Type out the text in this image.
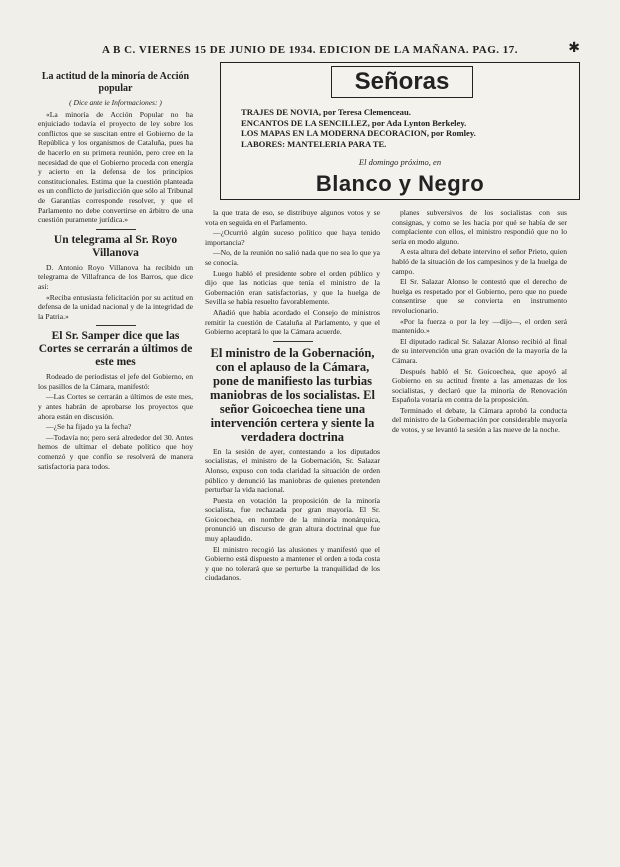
A B C. VIERNES 15 DE JUNIO DE 1934. EDICION DE LA MAÑANA. PAG. 17.	✱
Señoras
TRAJES DE NOVIA, por Teresa Clemenceau.
ENCANTOS DE LA SENCILLEZ, por Ada Lynton Berkeley.
LOS MAPAS EN LA MODERNA DECORACION, por Romley.
LABORES: MANTELERIA PARA TE.
El domingo próximo, en
Blanco y Negro
La actitud de la minoría de Acción popular
( Dice ante ie Informaciones: )

«La minoría de Acción Popular no ha enjuiciado todavía el proyecto de ley sobre los conflictos que se suscitan entre el Gobierno de la República y los organismos de Cataluña, pues ha de hacerlo en su primera reunión, pero cree en la necesidad de que el Gobierno proceda con energía y acierto en la defensa de los principios constitucionales. Estima que la cuestión planteada es un conflicto de jurisdicción que sólo al Tribunal de Garantías corresponde resolver, y que el Parlamento no debe convertirse en árbitro de una cuestión puramente jurídica.»

Un telegrama al Sr. Royo Villanova

D. Antonio Royo Villanova ha recibido un telegrama de Villafranca de los Barros, que dice así:

«Reciba entusiasta felicitación por su actitud en defensa de la unidad nacional y de la integridad de la Patria.»

El Sr. Samper dice que las Cortes se cerrarán a últimos de este mes

Rodeado de periodistas el jefe del Gobierno, en los pasillos de la Cámara, manifestó:

—Las Cortes se cerrarán a últimos de este mes, y antes habrán de aprobarse los proyectos que ahora están en discusión.

—¿Se ha fijado ya la fecha?

—Todavía no; pero será alrededor del 30. Antes hemos de ultimar el debate político que hoy comenzó y que confío se resolverá de manera satisfactoria para todos.

la que trata de eso, se distribuye algunos votos y se vota en seguida en el Parlamento.

—¿Ocurrió algún suceso político que haya tenido importancia?

—No, de la reunión no salió nada que no sea lo que ya se conocía.

Luego habló el presidente sobre el orden público y dijo que las noticias que tenía el ministro de la Gobernación eran satisfactorias, y que la huelga de Sevilla se había resuelto favorablemente.

Añadió que había acordado el Consejo de ministros remitir la cuestión de Cataluña al Parlamento, y que el Gobierno aceptará lo que la Cámara acuerde.

El ministro de la Gobernación, con el aplauso de la Cámara, pone de manifiesto las turbias maniobras de los socialistas. El señor Goicoechea tiene una intervención certera y siente la verdadera doctrina

En la sesión de ayer, contestando a los diputados socialistas, el ministro de la Gobernación, Sr. Salazar Alonso, expuso con toda claridad la situación de orden público y denunció las maniobras de quienes pretenden perturbar la vida nacional.

Puesta en votación la proposición de la minoría socialista, fue rechazada por gran mayoría. El Sr. Goicoechea, en nombre de la minoría monárquica, pronunció un discurso de gran altura doctrinal que fue muy aplaudido.

El ministro recogió las alusiones y manifestó que el Gobierno está dispuesto a mantener el orden a toda costa y que no tolerará que se perturbe la tranquilidad de los ciudadanos.

planes subversivos de los socialistas con sus consignas, y como se les hacía por qué se había de ser complaciente con ellos, el ministro respondió que no lo sería en modo alguno.

A esta altura del debate intervino el señor Prieto, quien habló de la situación de los campesinos y de la huelga de campo.

El Sr. Salazar Alonso le contestó que el derecho de huelga es respetado por el Gobierno, pero que no puede consentirse que se convierta en instrumento revolucionario.

«Por la fuerza o por la ley —dijo—, el orden será mantenido.»

El diputado radical Sr. Salazar Alonso recibió al final de su intervención una gran ovación de la mayoría de la Cámara.

Después habló el Sr. Goicoechea, que apoyó al Gobierno en su actitud frente a las amenazas de los socialistas, y declaró que la minoría de Renovación Española votaría en contra de la proposición.

Terminado el debate, la Cámara aprobó la conducta del ministro de la Gobernación por considerable mayoría de votos, y se levantó la sesión a las nueve de la noche.
